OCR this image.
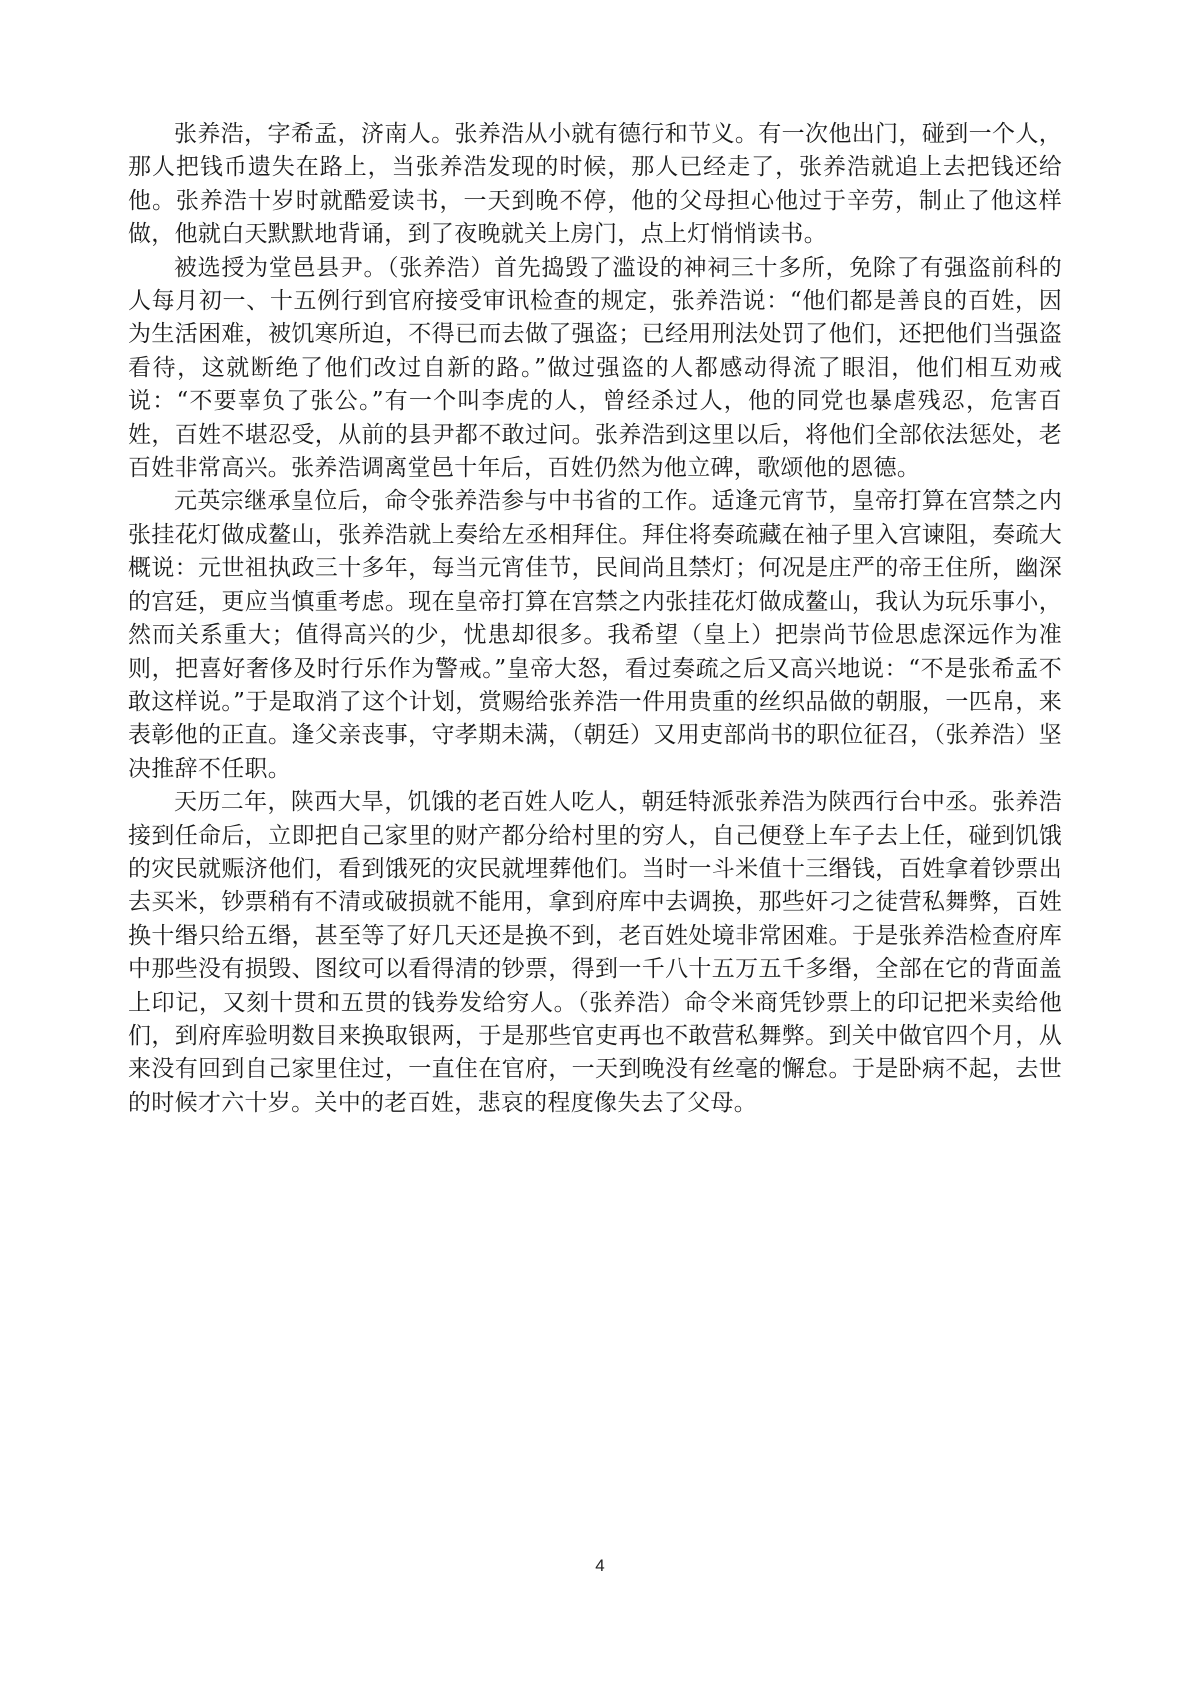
张养浩，字希孟，济南人。张养浩从小就有德行和节义。有一次他出门，碰到一个人，那人把钱币遗失在路上，当张养浩发现的时候，那人已经走了，张养浩就追上去把钱还给他。张养浩十岁时就酷爱读书，一天到晚不停，他的父母担心他过于辛劳，制止了他这样做，他就白天默默地背诵，到了夜晚就关上房门，点上灯悄悄读书。

被选授为堂邑县尹。（张养浩）首先捣毁了滥设的神祠三十多所，免除了有强盗前科的人每月初一、十五例行到官府接受审讯检查的规定，张养浩说：“他们都是善良的百姓，因为生活困难，被饥寒所迫，不得已而去做了强盗；已经用刑法处罚了他们，还把他们当强盗看待，这就断绝了他们改过自新的路。”做过强盗的人都感动得流了眼泪，他们相互劝戒说：“不要辜负了张公。”有一个叫李虎的人，曾经杀过人，他的同党也暴虐残忍，危害百姓，百姓不堪忍受，从前的县尹都不敢过问。张养浩到这里以后，将他们全部依法惩处，老百姓非常高兴。张养浩调离堂邑十年后，百姓仍然为他立碑，歌颂他的恩德。

元英宗继承皇位后，命令张养浩参与中书省的工作。适逢元宵节，皇帝打算在宫禁之内张挂花灯做成鳌山，张养浩就上奏给左丞相拜住。拜住将奏疏藏在袖子里入宫谏阻，奏疏大概说：元世祖执政三十多年，每当元宵佳节，民间尚且禁灯；何况是庄严的帝王住所，幽深的宫廷，更应当慎重考虑。现在皇帝打算在宫禁之内张挂花灯做成鳌山，我认为玩乐事小，然而关系重大；值得高兴的少，忧患却很多。我希望（皇上）把崇尚节俭思虑深远作为准则，把喜好奢侈及时行乐作为警戒。”皇帝大怒，看过奏疏之后又高兴地说：“不是张希孟不敢这样说。”于是取消了这个计划，赏赐给张养浩一件用贵重的丝织品做的朝服，一匹帛，来表彰他的正直。逢父亲丧事，守孝期未满，（朝廷）又用吏部尚书的职位征召，（张养浩）坚决推辞不任职。

天历二年，陕西大旱，饥饿的老百姓人吃人，朝廷特派张养浩为陕西行台中丞。张养浩接到任命后，立即把自己家里的财产都分给村里的穷人，自己便登上车子去上任，碰到饥饿的灾民就赈济他们，看到饿死的灾民就埋葬他们。当时一斗米值十三缗钱，百姓拿着钞票出去买米，钞票稍有不清或破损就不能用，拿到府库中去调换，那些奸刁之徒营私舞弊，百姓换十缗只给五缗，甚至等了好几天还是换不到，老百姓处境非常困难。于是张养浩检查府库中那些没有损毁、图纹可以看得清的钞票，得到一千八十五万五千多缗，全部在它的背面盖上印记，又刻十贯和五贯的钱券发给穷人。（张养浩）命令米商凭钞票上的印记把米卖给他们，到府库验明数目来换取银两，于是那些官吏再也不敢营私舞弊。到关中做官四个月，从来没有回到自己家里住过，一直住在官府，一天到晚没有丝毫的懈怠。于是卧病不起，去世的时候才六十岁。关中的老百姓，悲哀的程度像失去了父母。

4
